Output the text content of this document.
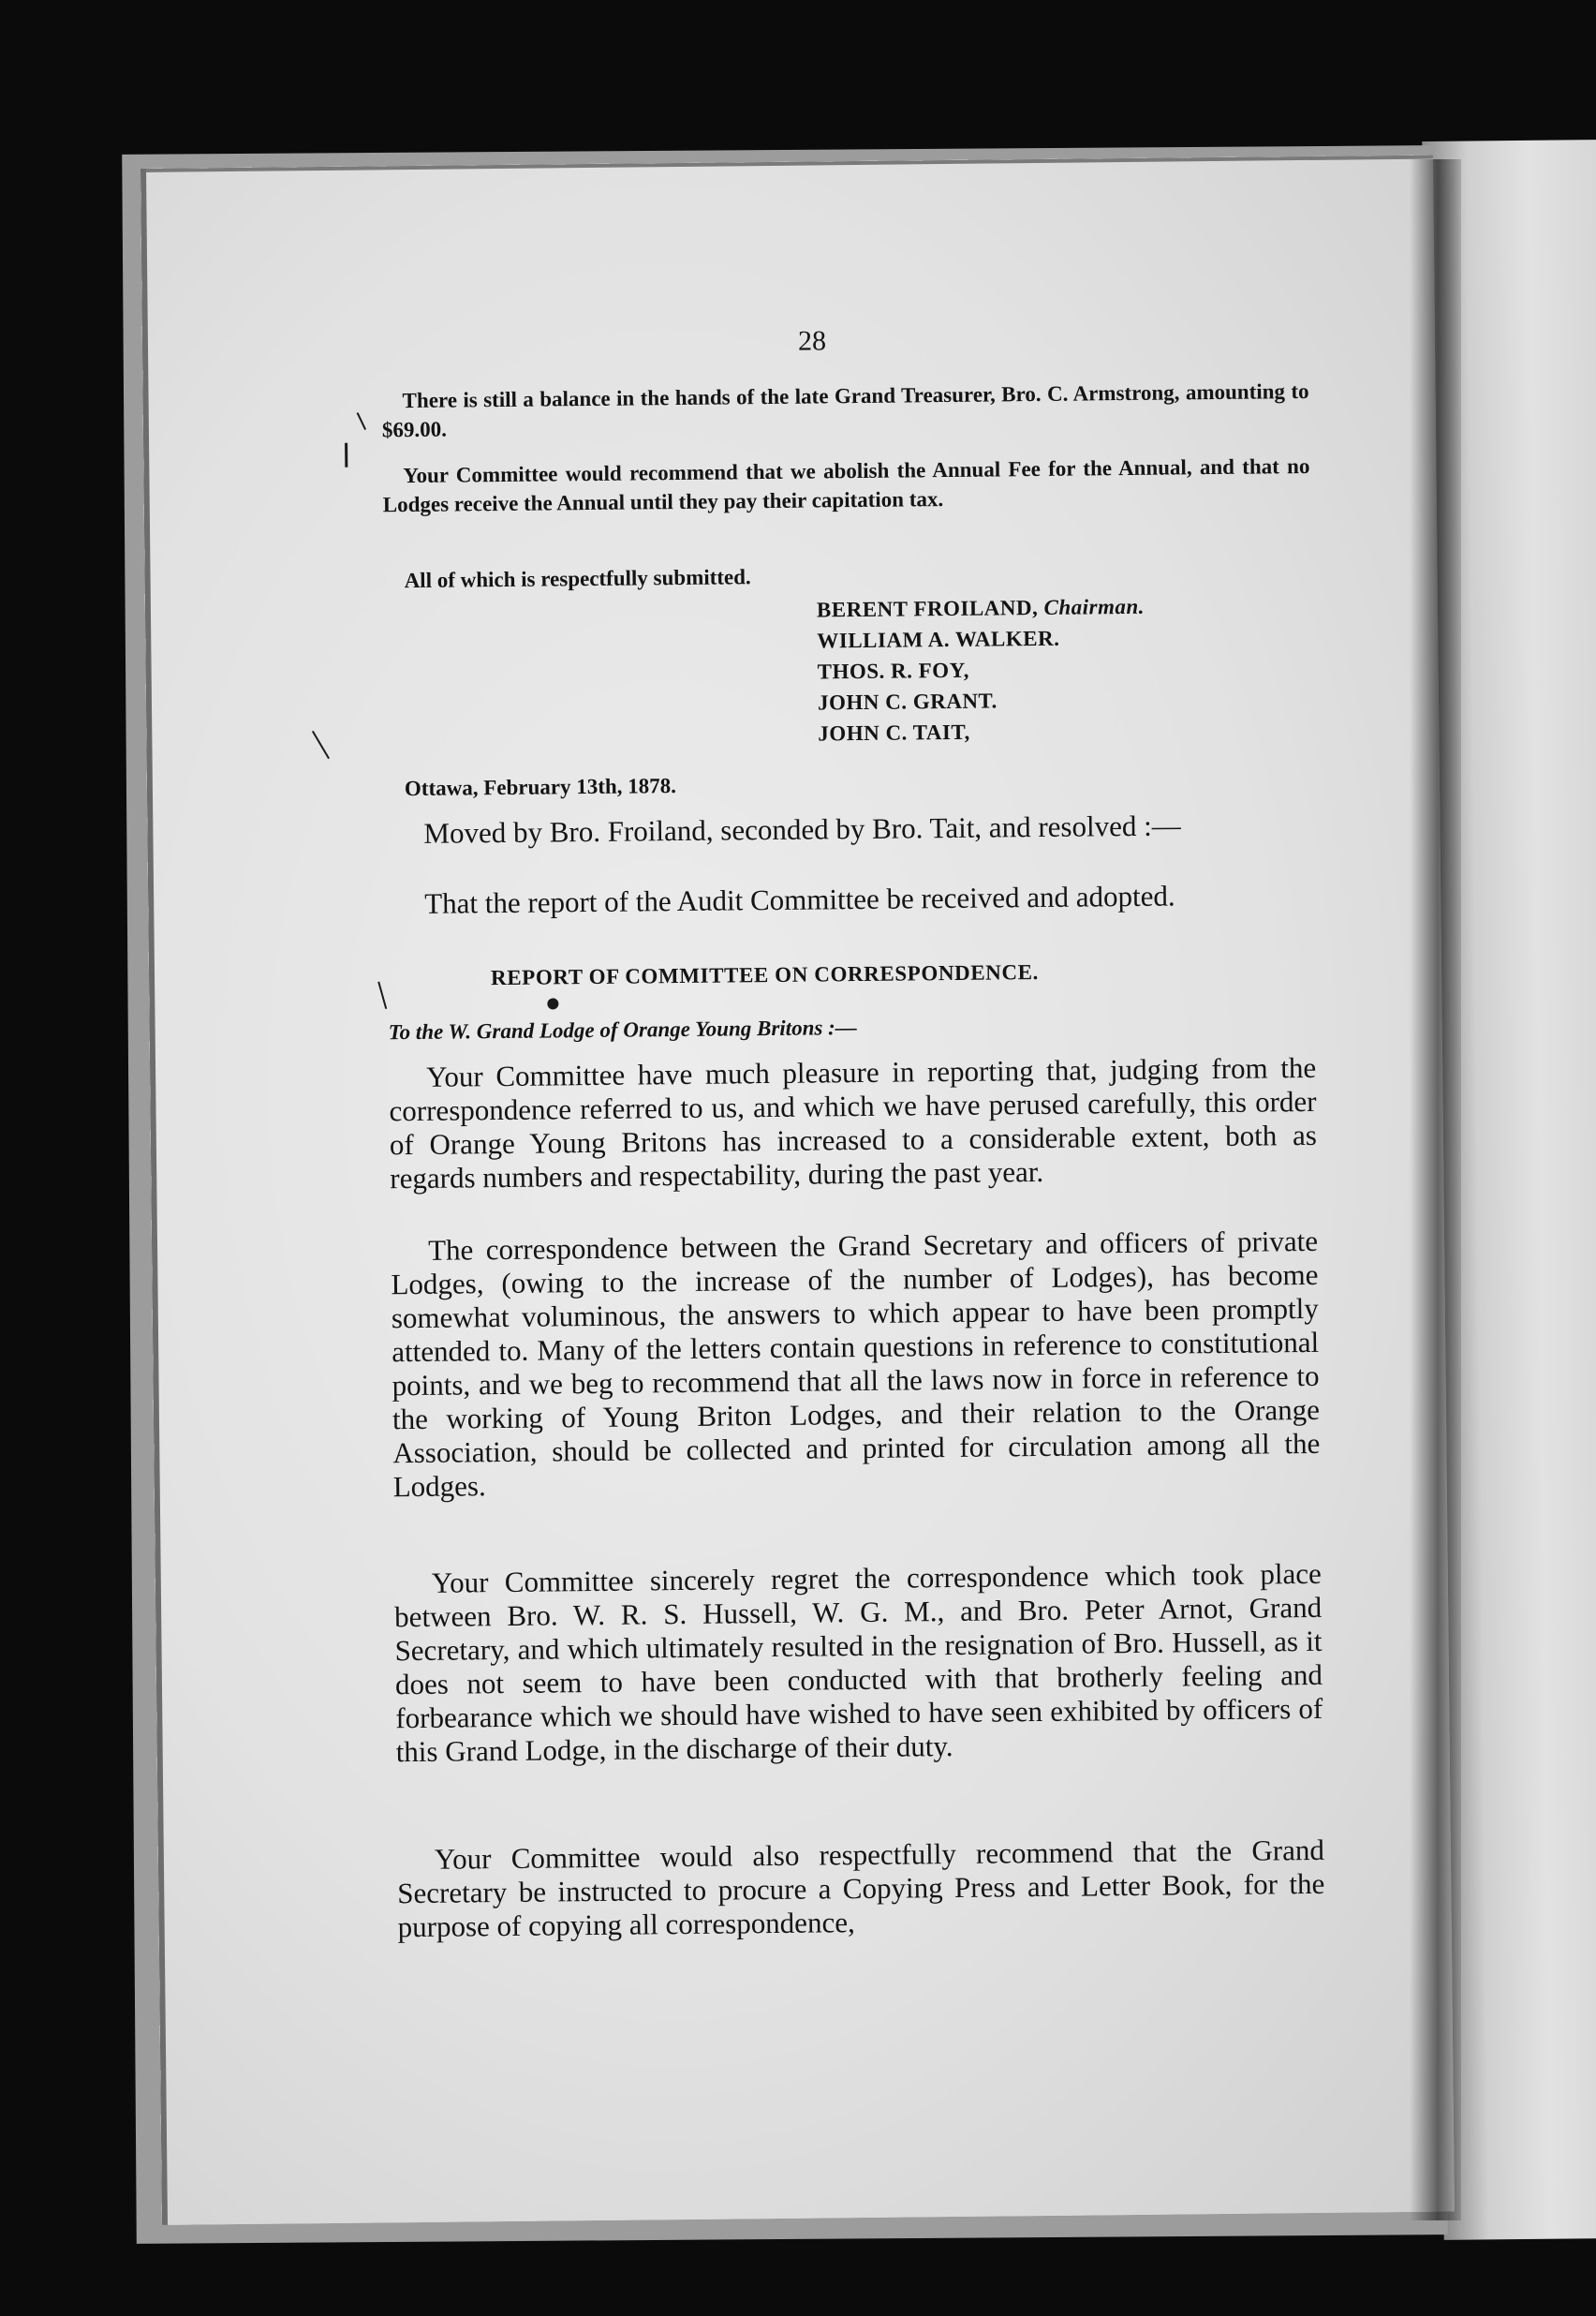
28

There is still a balance in the hands of the late Grand Treasurer, Bro. C. Armstrong, amounting to $69.00.

Your Committee would recommend that we abolish the Annual Fee for the Annual, and that no Lodges receive the Annual until they pay their capitation tax.

All of which is respectfully submitted.

BERENT FROILAND, Chairman.
WILLIAM A. WALKER.
THOS. R. FOY,
JOHN C. GRANT.
JOHN C. TAIT,
Ottawa, February 13th, 1878.

Moved by Bro. Froiland, seconded by Bro. Tait, and resolved :—

That the report of the Audit Committee be received and adopted.

REPORT OF COMMITTEE ON CORRESPONDENCE.
To the W. Grand Lodge of Orange Young Britons :—

Your Committee have much pleasure in reporting that, judging from the correspondence referred to us, and which we have perused carefully, this order of Orange Young Britons has increased to a considerable extent, both as regards numbers and respectability, during the past year.

The correspondence between the Grand Secretary and officers of private Lodges, (owing to the increase of the number of Lodges), has become somewhat voluminous, the answers to which appear to have been promptly attended to. Many of the letters contain questions in reference to constitutional points, and we beg to recommend that all the laws now in force in reference to the working of Young Briton Lodges, and their relation to the Orange Association, should be collected and printed for circulation among all the Lodges.

Your Committee sincerely regret the correspondence which took place between Bro. W. R. S. Hussell, W. G. M., and Bro. Peter Arnot, Grand Secretary, and which ultimately resulted in the resignation of Bro. Hussell, as it does not seem to have been conducted with that brotherly feeling and forbearance which we should have wished to have seen exhibited by officers of this Grand Lodge, in the discharge of their duty.

Your Committee would also respectfully recommend that the Grand Secretary be instructed to procure a Copying Press and Letter Book, for the purpose of copying all correspondence,
